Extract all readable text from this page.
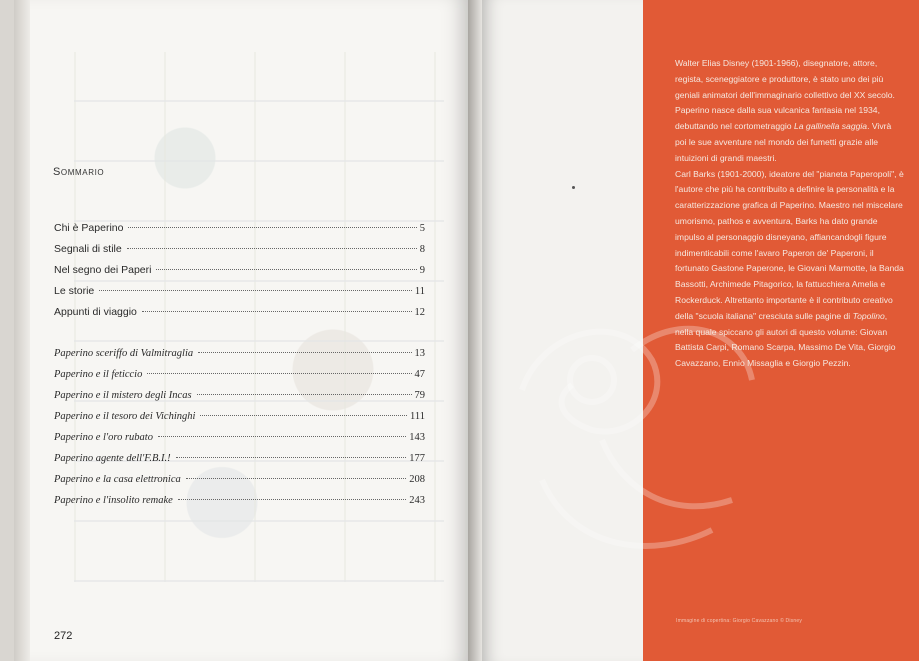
Sommario
Chi è Paperino	5
Segnali di stile	8
Nel segno dei Paperi	9
Le storie	11
Appunti di viaggio	12
Paperino sceriffo di Valmitraglia	13
Paperino e il feticcio	47
Paperino e il mistero degli Incas	79
Paperino e il tesoro dei Vichinghi	111
Paperino e l'oro rubato	143
Paperino agente dell'F.B.I.!	177
Paperino e la casa elettronica	208
Paperino e l'insolito remake	243
272

Walter Elias Disney (1901-1966), disegnatore, attore, regista, sceneggiatore e produttore, è stato uno dei più geniali animatori dell'immaginario collettivo del XX secolo. Paperino nasce dalla sua vulcanica fantasia nel 1934, debuttando nel cortometraggio La gallinella saggia. Vivrà poi le sue avventure nel mondo dei fumetti grazie alle intuizioni di grandi maestri.

Carl Barks (1901-2000), ideatore del "pianeta Paperopoli", è l'autore che più ha contribuito a definire la personalità e la caratterizzazione grafica di Paperino. Maestro nel miscelare umorismo, pathos e avventura, Barks ha dato grande impulso al personaggio disneyano, affiancandogli figure indimenticabili come l'avaro Paperon de' Paperoni, il fortunato Gastone Paperone, le Giovani Marmotte, la Banda Bassotti, Archimede Pitagorico, la fattucchiera Amelia e Rockerduck. Altrettanto importante è il contributo creativo della "scuola italiana" cresciuta sulle pagine di Topolino, nella quale spiccano gli autori di questo volume: Giovan Battista Carpi, Romano Scarpa, Massimo De Vita, Giorgio Cavazzano, Ennio Missaglia e Giorgio Pezzin.

Immagine di copertina: Giorgio Cavazzano © Disney
